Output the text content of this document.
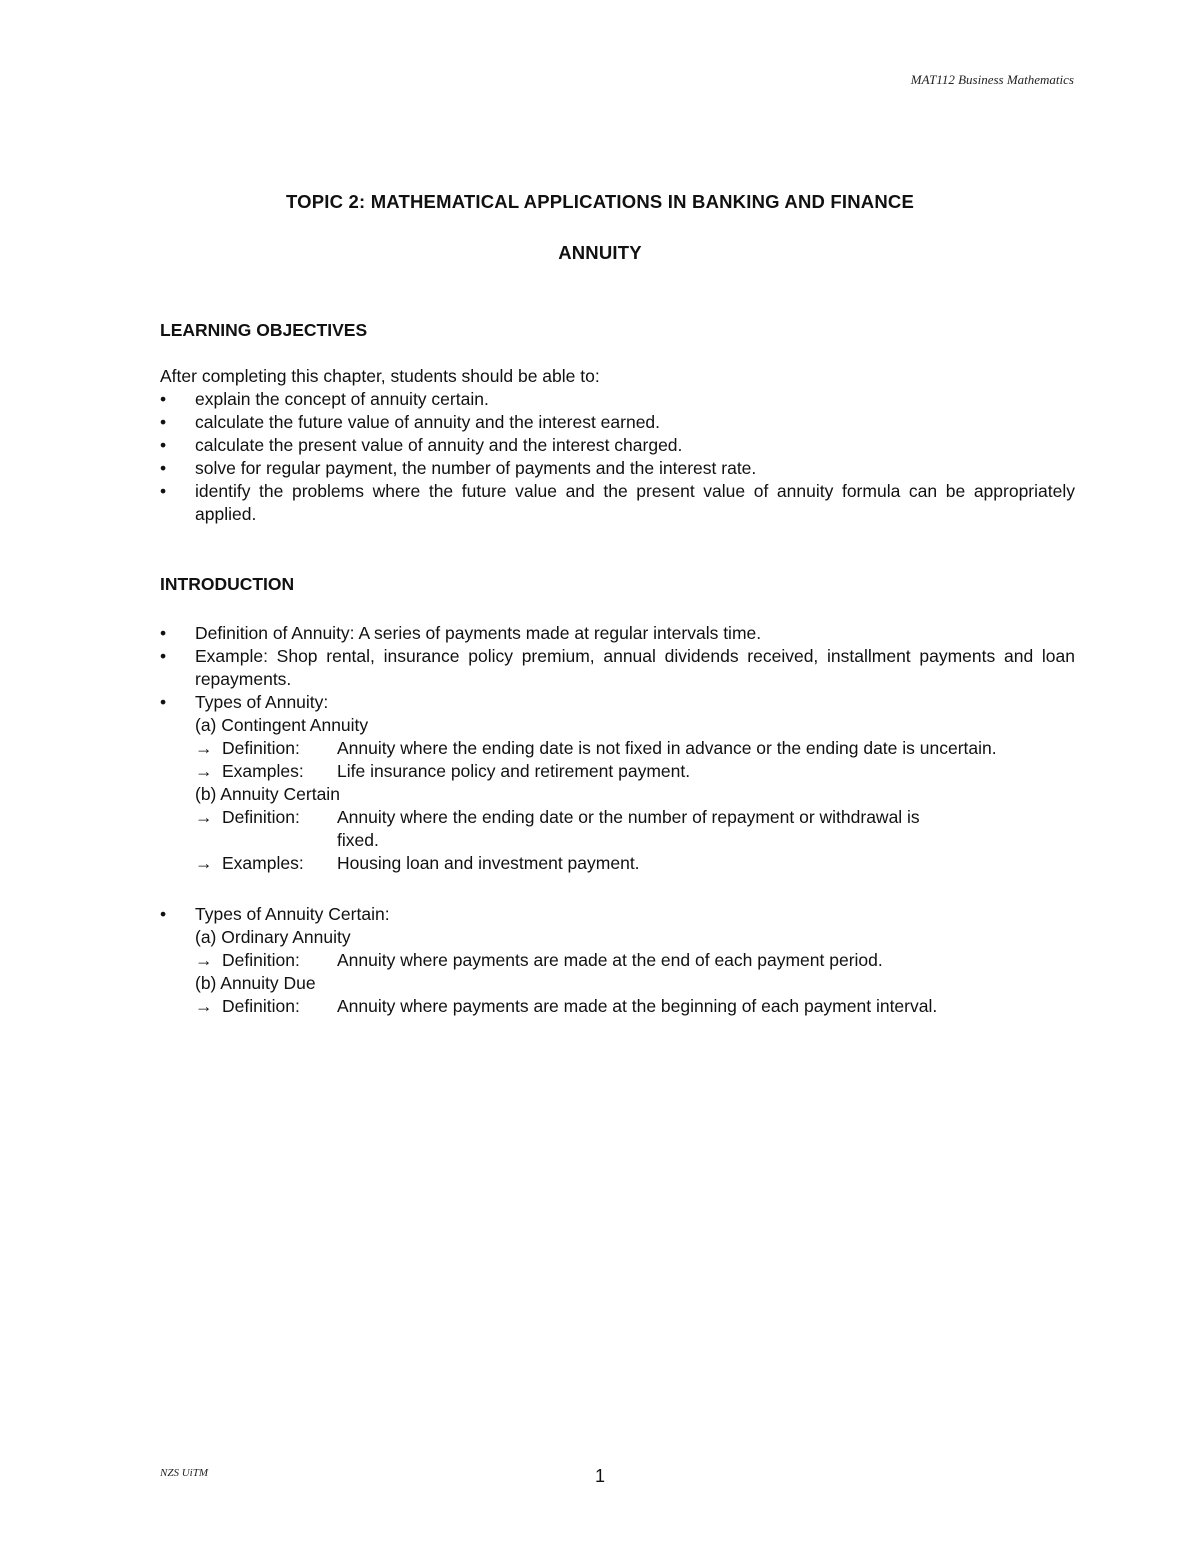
MAT112 Business Mathematics
TOPIC 2: MATHEMATICAL APPLICATIONS IN BANKING AND FINANCE
ANNUITY
LEARNING OBJECTIVES
After completing this chapter, students should be able to:
• explain the concept of annuity certain.
• calculate the future value of annuity and the interest earned.
• calculate the present value of annuity and the interest charged.
• solve for regular payment, the number of payments and the interest rate.
• identify the problems where the future value and the present value of annuity formula can be appropriately applied.
INTRODUCTION
• Definition of Annuity: A series of payments made at regular intervals time.
• Example: Shop rental, insurance policy premium, annual dividends received, installment payments and loan repayments.
• Types of Annuity:
(a) Contingent Annuity
→ Definition:	Annuity where the ending date is not fixed in advance or the ending date is uncertain.
→ Examples:	Life insurance policy and retirement payment.
(b) Annuity Certain
→ Definition:	Annuity where the ending date or the number of repayment or withdrawal is
fixed.
→ Examples:	Housing loan and investment payment.
• Types of Annuity Certain:
(a) Ordinary Annuity
→ Definition:	Annuity where payments are made at the end of each payment period.
(b) Annuity Due
→ Definition:	Annuity where payments are made at the beginning of each payment interval.
NZS UiTM	1
